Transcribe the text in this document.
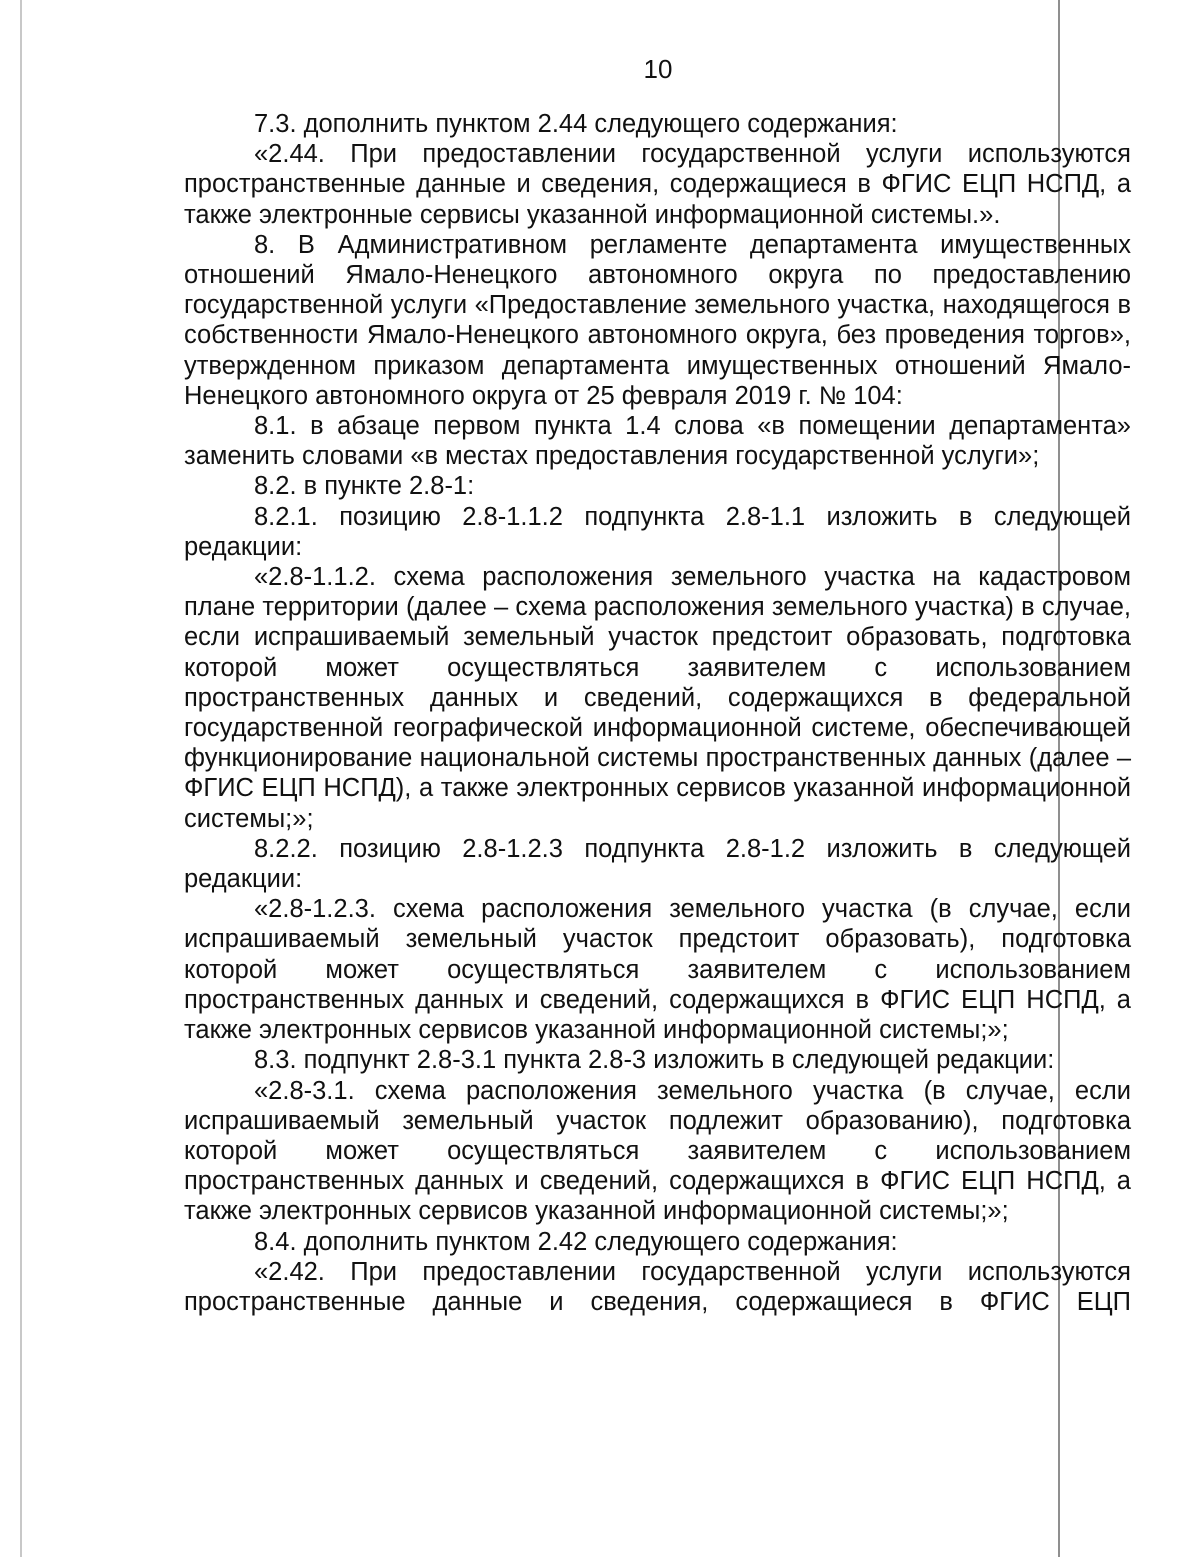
10

7.3. дополнить пунктом 2.44 следующего содержания:

«2.44. При предоставлении государственной услуги используются пространственные данные и сведения, содержащиеся в ФГИС ЕЦП НСПД, а также электронные сервисы указанной информационной системы.».

8. В Административном регламенте департамента имущественных отношений Ямало-Ненецкого автономного округа по предоставлению государственной услуги «Предоставление земельного участка, находящегося в собственности Ямало-Ненецкого автономного округа, без проведения торгов», утвержденном приказом департамента имущественных отношений Ямало-Ненецкого автономного округа от 25 февраля 2019 г. № 104:

8.1. в абзаце первом пункта 1.4 слова «в помещении департамента» заменить словами «в местах предоставления государственной услуги»;

8.2. в пункте 2.8-1:

8.2.1. позицию 2.8-1.1.2 подпункта 2.8-1.1 изложить в следующей редакции:

«2.8-1.1.2. схема расположения земельного участка на кадастровом плане территории (далее – схема расположения земельного участка) в случае, если испрашиваемый земельный участок предстоит образовать, подготовка которой может осуществляться заявителем с использованием пространственных данных и сведений, содержащихся в федеральной государственной географической информационной системе, обеспечивающей функционирование национальной системы пространственных данных (далее – ФГИС ЕЦП НСПД), а также электронных сервисов указанной информационной системы;»;

8.2.2. позицию 2.8-1.2.3 подпункта 2.8-1.2 изложить в следующей редакции:

«2.8-1.2.3. схема расположения земельного участка (в случае, если испрашиваемый земельный участок предстоит образовать), подготовка которой может осуществляться заявителем с использованием пространственных данных и сведений, содержащихся в ФГИС ЕЦП НСПД, а также электронных сервисов указанной информационной системы;»;

8.3. подпункт 2.8-3.1 пункта 2.8-3 изложить в следующей редакции:

«2.8-3.1. схема расположения земельного участка (в случае, если испрашиваемый земельный участок подлежит образованию), подготовка которой может осуществляться заявителем с использованием пространственных данных и сведений, содержащихся в ФГИС ЕЦП НСПД, а также электронных сервисов указанной информационной системы;»;

8.4. дополнить пунктом 2.42 следующего содержания:

«2.42. При предоставлении государственной услуги используются пространственные данные и сведения, содержащиеся в ФГИС ЕЦП
